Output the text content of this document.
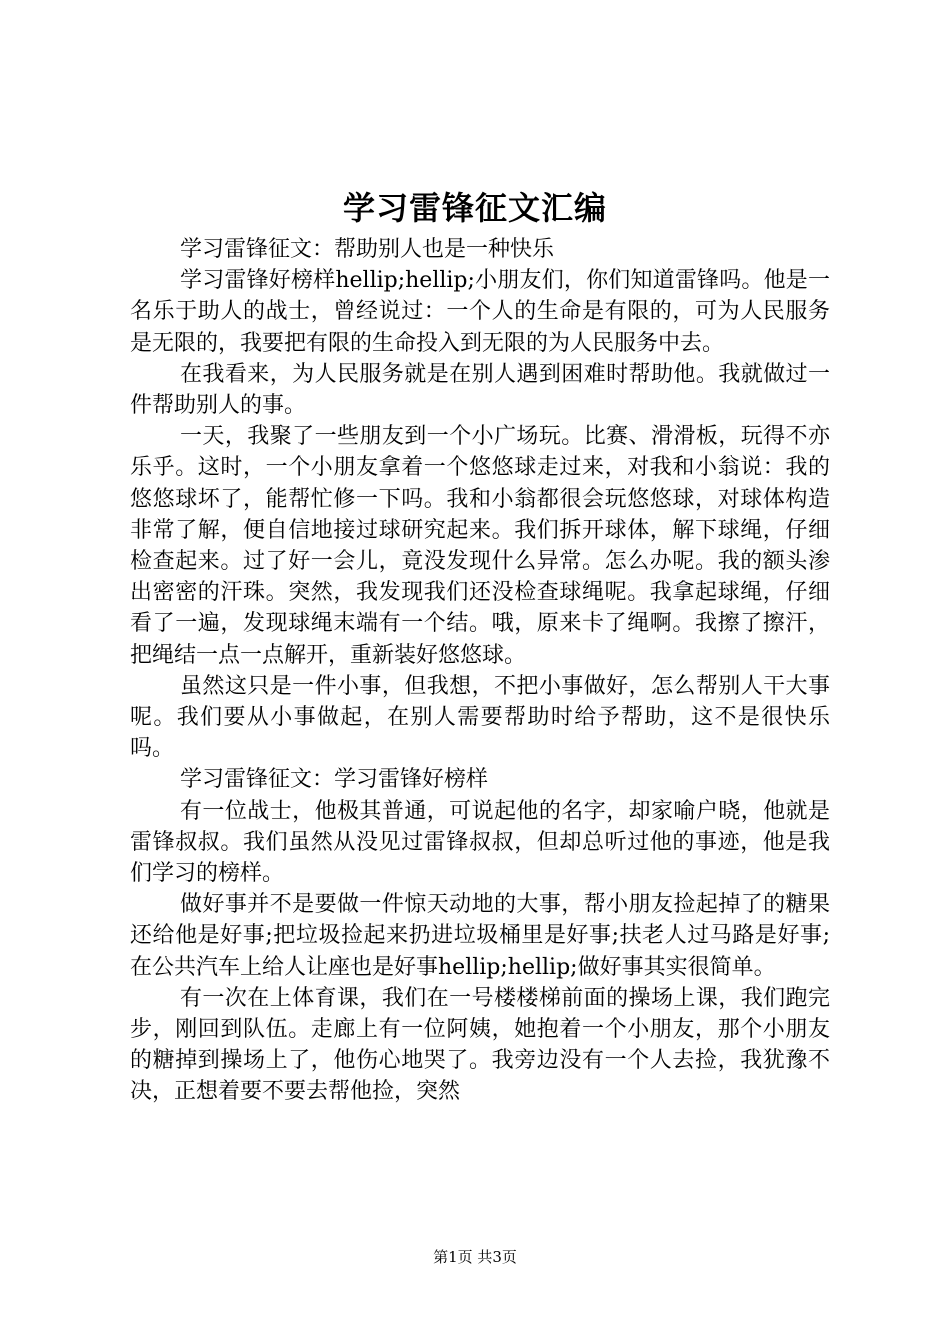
学习雷锋征文汇编

学习雷锋征文：帮助别人也是一种快乐

学习雷锋好榜样hellip;hellip;小朋友们，你们知道雷锋吗。他是一名乐于助人的战士，曾经说过：一个人的生命是有限的，可为人民服务是无限的，我要把有限的生命投入到无限的为人民服务中去。

在我看来，为人民服务就是在别人遇到困难时帮助他。我就做过一件帮助别人的事。

一天，我聚了一些朋友到一个小广场玩。比赛、滑滑板，玩得不亦乐乎。这时，一个小朋友拿着一个悠悠球走过来，对我和小翁说：我的悠悠球坏了，能帮忙修一下吗。我和小翁都很会玩悠悠球，对球体构造非常了解，便自信地接过球研究起来。我们拆开球体，解下球绳，仔细检查起来。过了好一会儿，竟没发现什么异常。怎么办呢。我的额头渗出密密的汗珠。突然，我发现我们还没检查球绳呢。我拿起球绳，仔细看了一遍，发现球绳末端有一个结。哦，原来卡了绳啊。我擦了擦汗，把绳结一点一点解开，重新装好悠悠球。

虽然这只是一件小事，但我想，不把小事做好，怎么帮别人干大事呢。我们要从小事做起，在别人需要帮助时给予帮助，这不是很快乐吗。

学习雷锋征文：学习雷锋好榜样

有一位战士，他极其普通，可说起他的名字，却家喻户晓，他就是雷锋叔叔。我们虽然从没见过雷锋叔叔，但却总听过他的事迹，他是我们学习的榜样。

做好事并不是要做一件惊天动地的大事，帮小朋友捡起掉了的糖果还给他是好事;把垃圾捡起来扔进垃圾桶里是好事;扶老人过马路是好事;在公共汽车上给人让座也是好事hellip;hellip;做好事其实很简单。

有一次在上体育课，我们在一号楼楼梯前面的操场上课，我们跑完步，刚回到队伍。走廊上有一位阿姨，她抱着一个小朋友，那个小朋友的糖掉到操场上了，他伤心地哭了。我旁边没有一个人去捡，我犹豫不决，正想着要不要去帮他捡，突然

第1页 共3页
